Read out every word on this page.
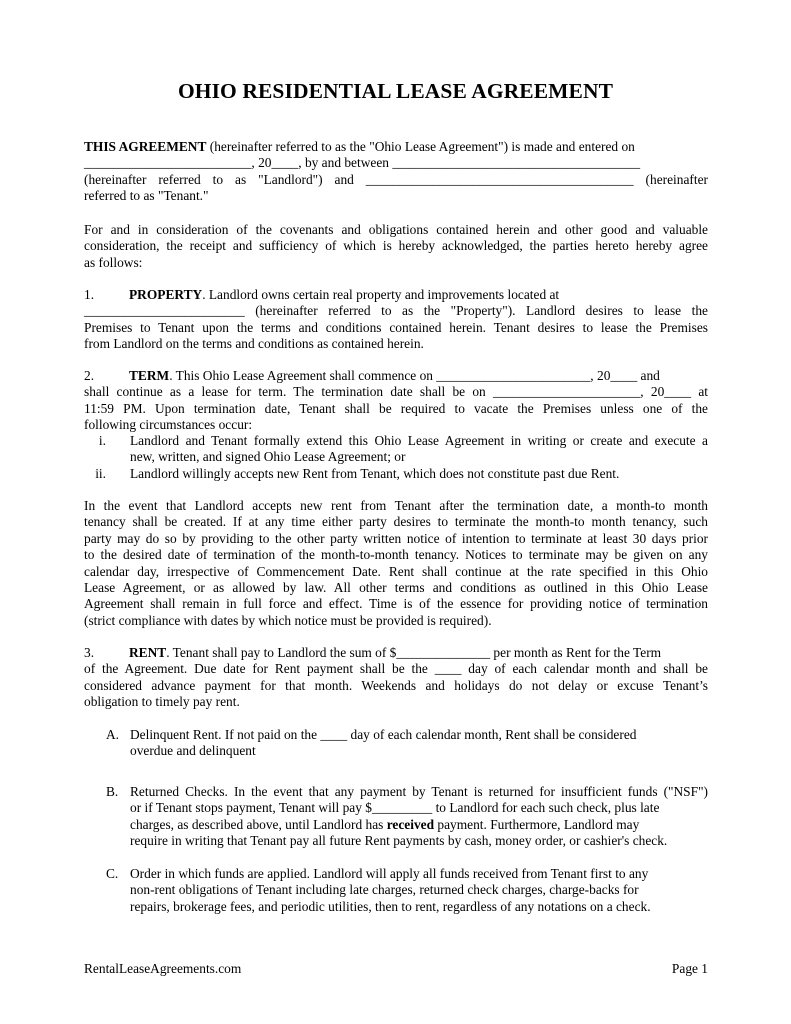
OHIO RESIDENTIAL LEASE AGREEMENT
THIS AGREEMENT (hereinafter referred to as the "Ohio Lease Agreement") is made and entered on
_________________________, 20____, by and between _____________________________________
(hereinafter referred to as "Landlord") and ________________________________________ (hereinafter
referred to as "Tenant."
For and in consideration of the covenants and obligations contained herein and other good and valuable
consideration, the receipt and sufficiency of which is hereby acknowledged, the parties hereto hereby agree
as follows:
1.	PROPERTY. Landlord owns certain real property and improvements located at
________________________ (hereinafter referred to as the "Property"). Landlord desires to lease the
Premises to Tenant upon the terms and conditions contained herein. Tenant desires to lease the Premises
from Landlord on the terms and conditions as contained herein.
2.	TERM. This Ohio Lease Agreement shall commence on _______________________, 20____ and
shall continue as a lease for term. The termination date shall be on ______________________, 20____ at
11:59 PM. Upon termination date, Tenant shall be required to vacate the Premises unless one of the
following circumstances occur:
i. Landlord and Tenant formally extend this Ohio Lease Agreement in writing or create and execute a
new, written, and signed Ohio Lease Agreement; or
ii. Landlord willingly accepts new Rent from Tenant, which does not constitute past due Rent.
In the event that Landlord accepts new rent from Tenant after the termination date, a month-to month
tenancy shall be created. If at any time either party desires to terminate the month-to month tenancy, such
party may do so by providing to the other party written notice of intention to terminate at least 30 days prior
to the desired date of termination of the month-to-month tenancy. Notices to terminate may be given on any
calendar day, irrespective of Commencement Date. Rent shall continue at the rate specified in this Ohio
Lease Agreement, or as allowed by law. All other terms and conditions as outlined in this Ohio Lease
Agreement shall remain in full force and effect. Time is of the essence for providing notice of termination
(strict compliance with dates by which notice must be provided is required).
3.	RENT. Tenant shall pay to Landlord the sum of $______________ per month as Rent for the Term
of the Agreement. Due date for Rent payment shall be the ____ day of each calendar month and shall be
considered advance payment for that month. Weekends and holidays do not delay or excuse Tenant’s
obligation to timely pay rent.
A. Delinquent Rent. If not paid on the ____ day of each calendar month, Rent shall be considered
overdue and delinquent
B. Returned Checks. In the event that any payment by Tenant is returned for insufficient funds ("NSF")
or if Tenant stops payment, Tenant will pay $_________ to Landlord for each such check, plus late
charges, as described above, until Landlord has received payment. Furthermore, Landlord may
require in writing that Tenant pay all future Rent payments by cash, money order, or cashier's check.
C. Order in which funds are applied. Landlord will apply all funds received from Tenant first to any
non-rent obligations of Tenant including late charges, returned check charges, charge-backs for
repairs, brokerage fees, and periodic utilities, then to rent, regardless of any notations on a check.
RentalLeaseAgreements.com	Page 1
